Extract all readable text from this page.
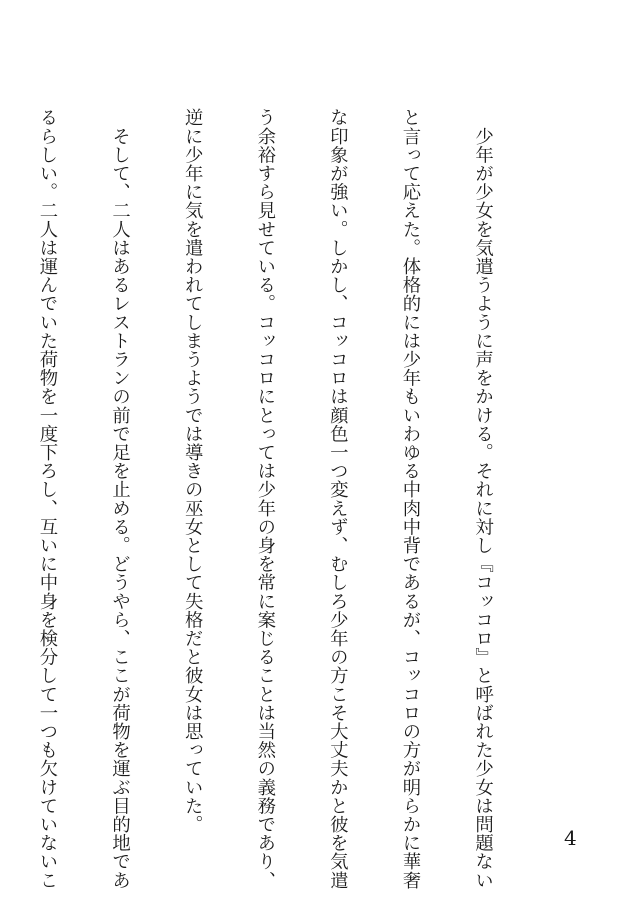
　少年が少女を気遣うように声をかける。それに対し『コッコロ』と呼ばれた少女は問題ない

と言って応えた。体格的には少年もいわゆる中肉中背であるが、コッコロの方が明らかに華奢

な印象が強い。しかし、コッコロは顔色一つ変えず、むしろ少年の方こそ大丈夫かと彼を気遣

う余裕すら見せている。コッコロにとっては少年の身を常に案じることは当然の義務であり、

逆に少年に気を遣われてしまうようでは導きの巫女として失格だと彼女は思っていた。

　そして、二人はあるレストランの前で足を止める。どうやら、ここが荷物を運ぶ目的地であ

るらしい。二人は運んでいた荷物を一度下ろし、互いに中身を検分して一つも欠けていないこ

	4
